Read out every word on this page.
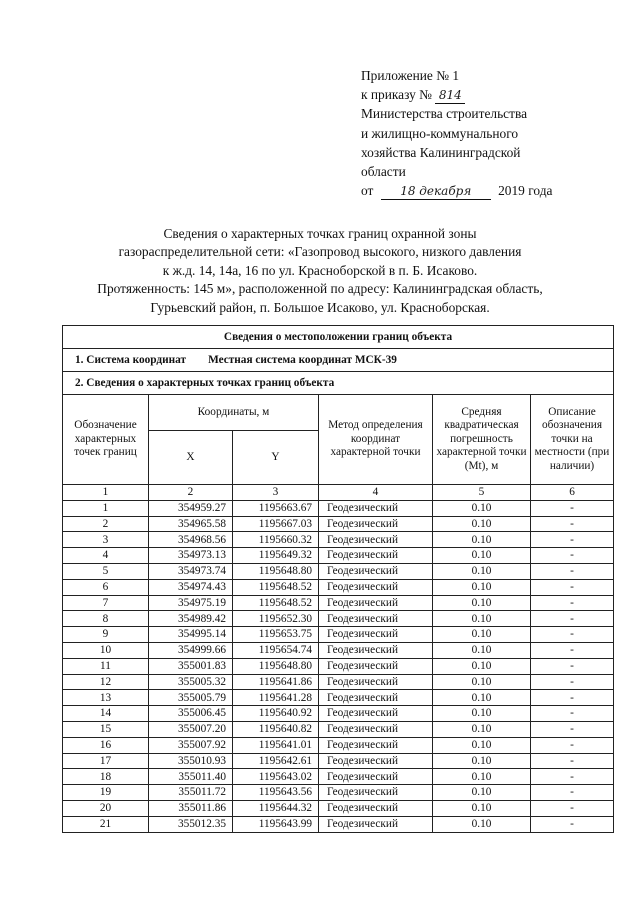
Приложение № 1
к приказу № 814
Министерства строительства
и жилищно-коммунального
хозяйства Калининградской
области
от 18 декабря 2019 года
Сведения о характерных точках границ охранной зоны
газораспределительной сети: «Газопровод высокого, низкого давления
к ж.д. 14, 14а, 16 по ул. Красноборской в п. Б. Исаково.
Протяженность: 145 м», расположенной по адресу: Калининградская область,
Гурьевский район, п. Большое Исаково, ул. Красноборская.
Сведения о местоположении границ объекта					
1. Система координат Местная система координат МСК-39					
2. Сведения о характерных точках границ объекта					
Обозначение характерных точек границ	Координаты, м		Метод определения координат характерной точки	Средняя квадратическая погрешность характерной точки (Mt), м	Описание обозначения точки на местности (при наличии)
	X	Y			
1	2	3	4	5	6
1	354959.27	1195663.67	Геодезический	0.10	-
2	354965.58	1195667.03	Геодезический	0.10	-
3	354968.56	1195660.32	Геодезический	0.10	-
4	354973.13	1195649.32	Геодезический	0.10	-
5	354973.74	1195648.80	Геодезический	0.10	-
6	354974.43	1195648.52	Геодезический	0.10	-
7	354975.19	1195648.52	Геодезический	0.10	-
8	354989.42	1195652.30	Геодезический	0.10	-
9	354995.14	1195653.75	Геодезический	0.10	-
10	354999.66	1195654.74	Геодезический	0.10	-
11	355001.83	1195648.80	Геодезический	0.10	-
12	355005.32	1195641.86	Геодезический	0.10	-
13	355005.79	1195641.28	Геодезический	0.10	-
14	355006.45	1195640.92	Геодезический	0.10	-
15	355007.20	1195640.82	Геодезический	0.10	-
16	355007.92	1195641.01	Геодезический	0.10	-
17	355010.93	1195642.61	Геодезический	0.10	-
18	355011.40	1195643.02	Геодезический	0.10	-
19	355011.72	1195643.56	Геодезический	0.10	-
20	355011.86	1195644.32	Геодезический	0.10	-
21	355012.35	1195643.99	Геодезический	0.10	-
